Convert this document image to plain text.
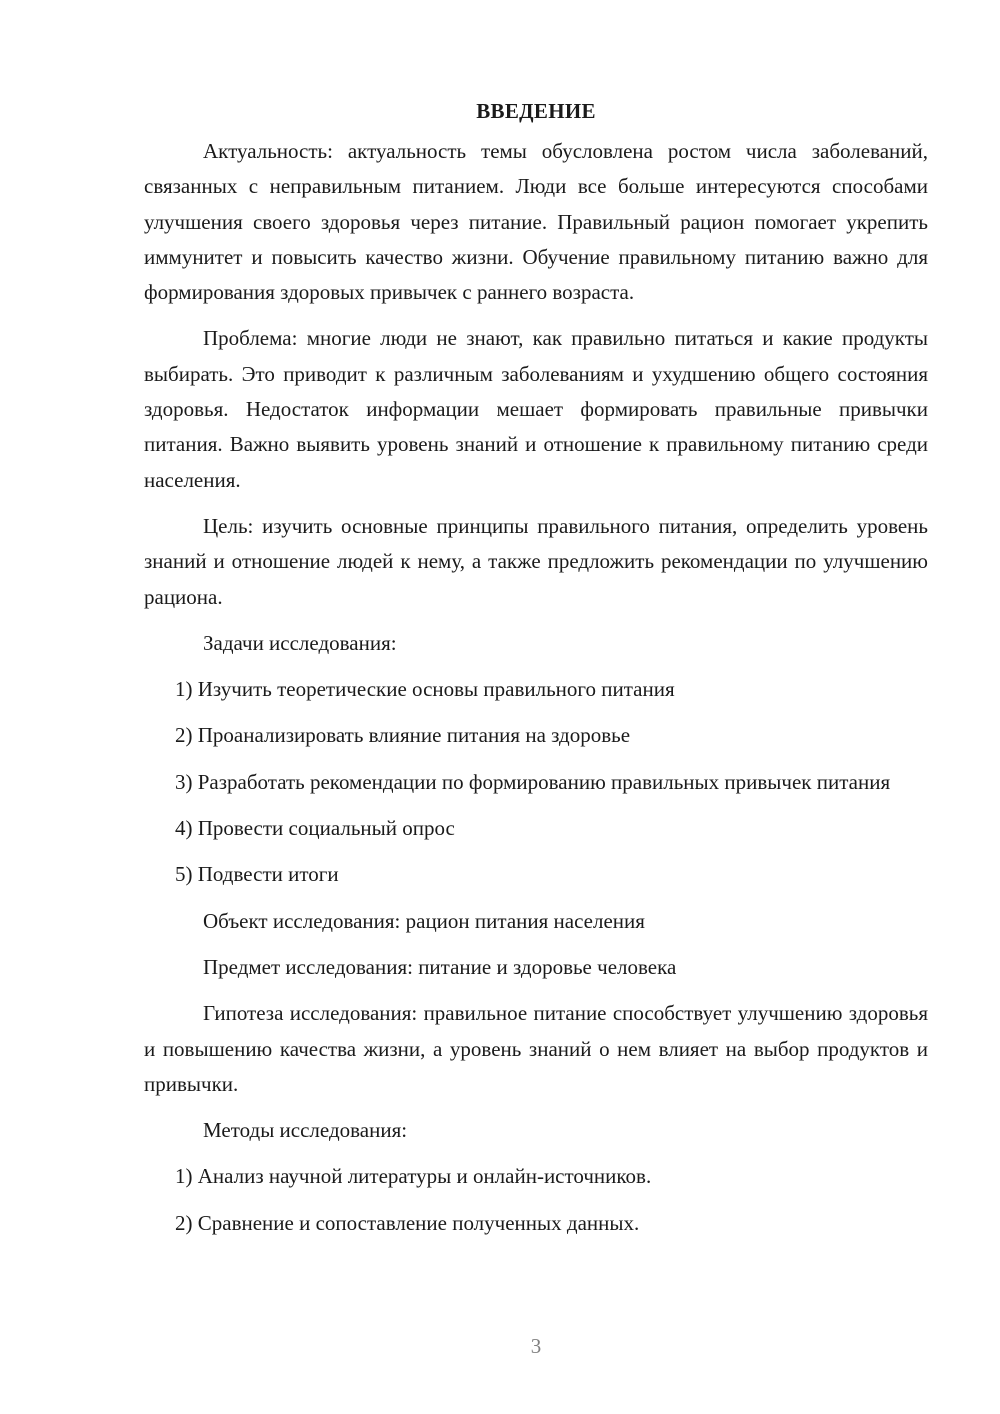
ВВЕДЕНИЕ

Актуальность: актуальность темы обусловлена ростом числа заболеваний, связанных с неправильным питанием. Люди все больше интересуются способами улучшения своего здоровья через питание. Правильный рацион помогает укрепить иммунитет и повысить качество жизни. Обучение правильному питанию важно для формирования здоровых привычек с раннего возраста.

Проблема: многие люди не знают, как правильно питаться и какие продукты выбирать. Это приводит к различным заболеваниям и ухудшению общего состояния здоровья. Недостаток информации мешает формировать правильные привычки питания. Важно выявить уровень знаний и отношение к правильному питанию среди населения.

Цель: изучить основные принципы правильного питания, определить уровень знаний и отношение людей к нему, а также предложить рекомендации по улучшению рациона.

Задачи исследования:

1) Изучить теоретические основы правильного питания

2) Проанализировать влияние питания на здоровье

3) Разработать рекомендации по формированию правильных привычек питания

4) Провести социальный опрос

5) Подвести итоги

Объект исследования: рацион питания населения

Предмет исследования: питание и здоровье человека

Гипотеза исследования: правильное питание способствует улучшению здоровья и повышению качества жизни, а уровень знаний о нем влияет на выбор продуктов и привычки.

Методы исследования:

1) Анализ научной литературы и онлайн-источников.

2) Сравнение и сопоставление полученных данных.

3
